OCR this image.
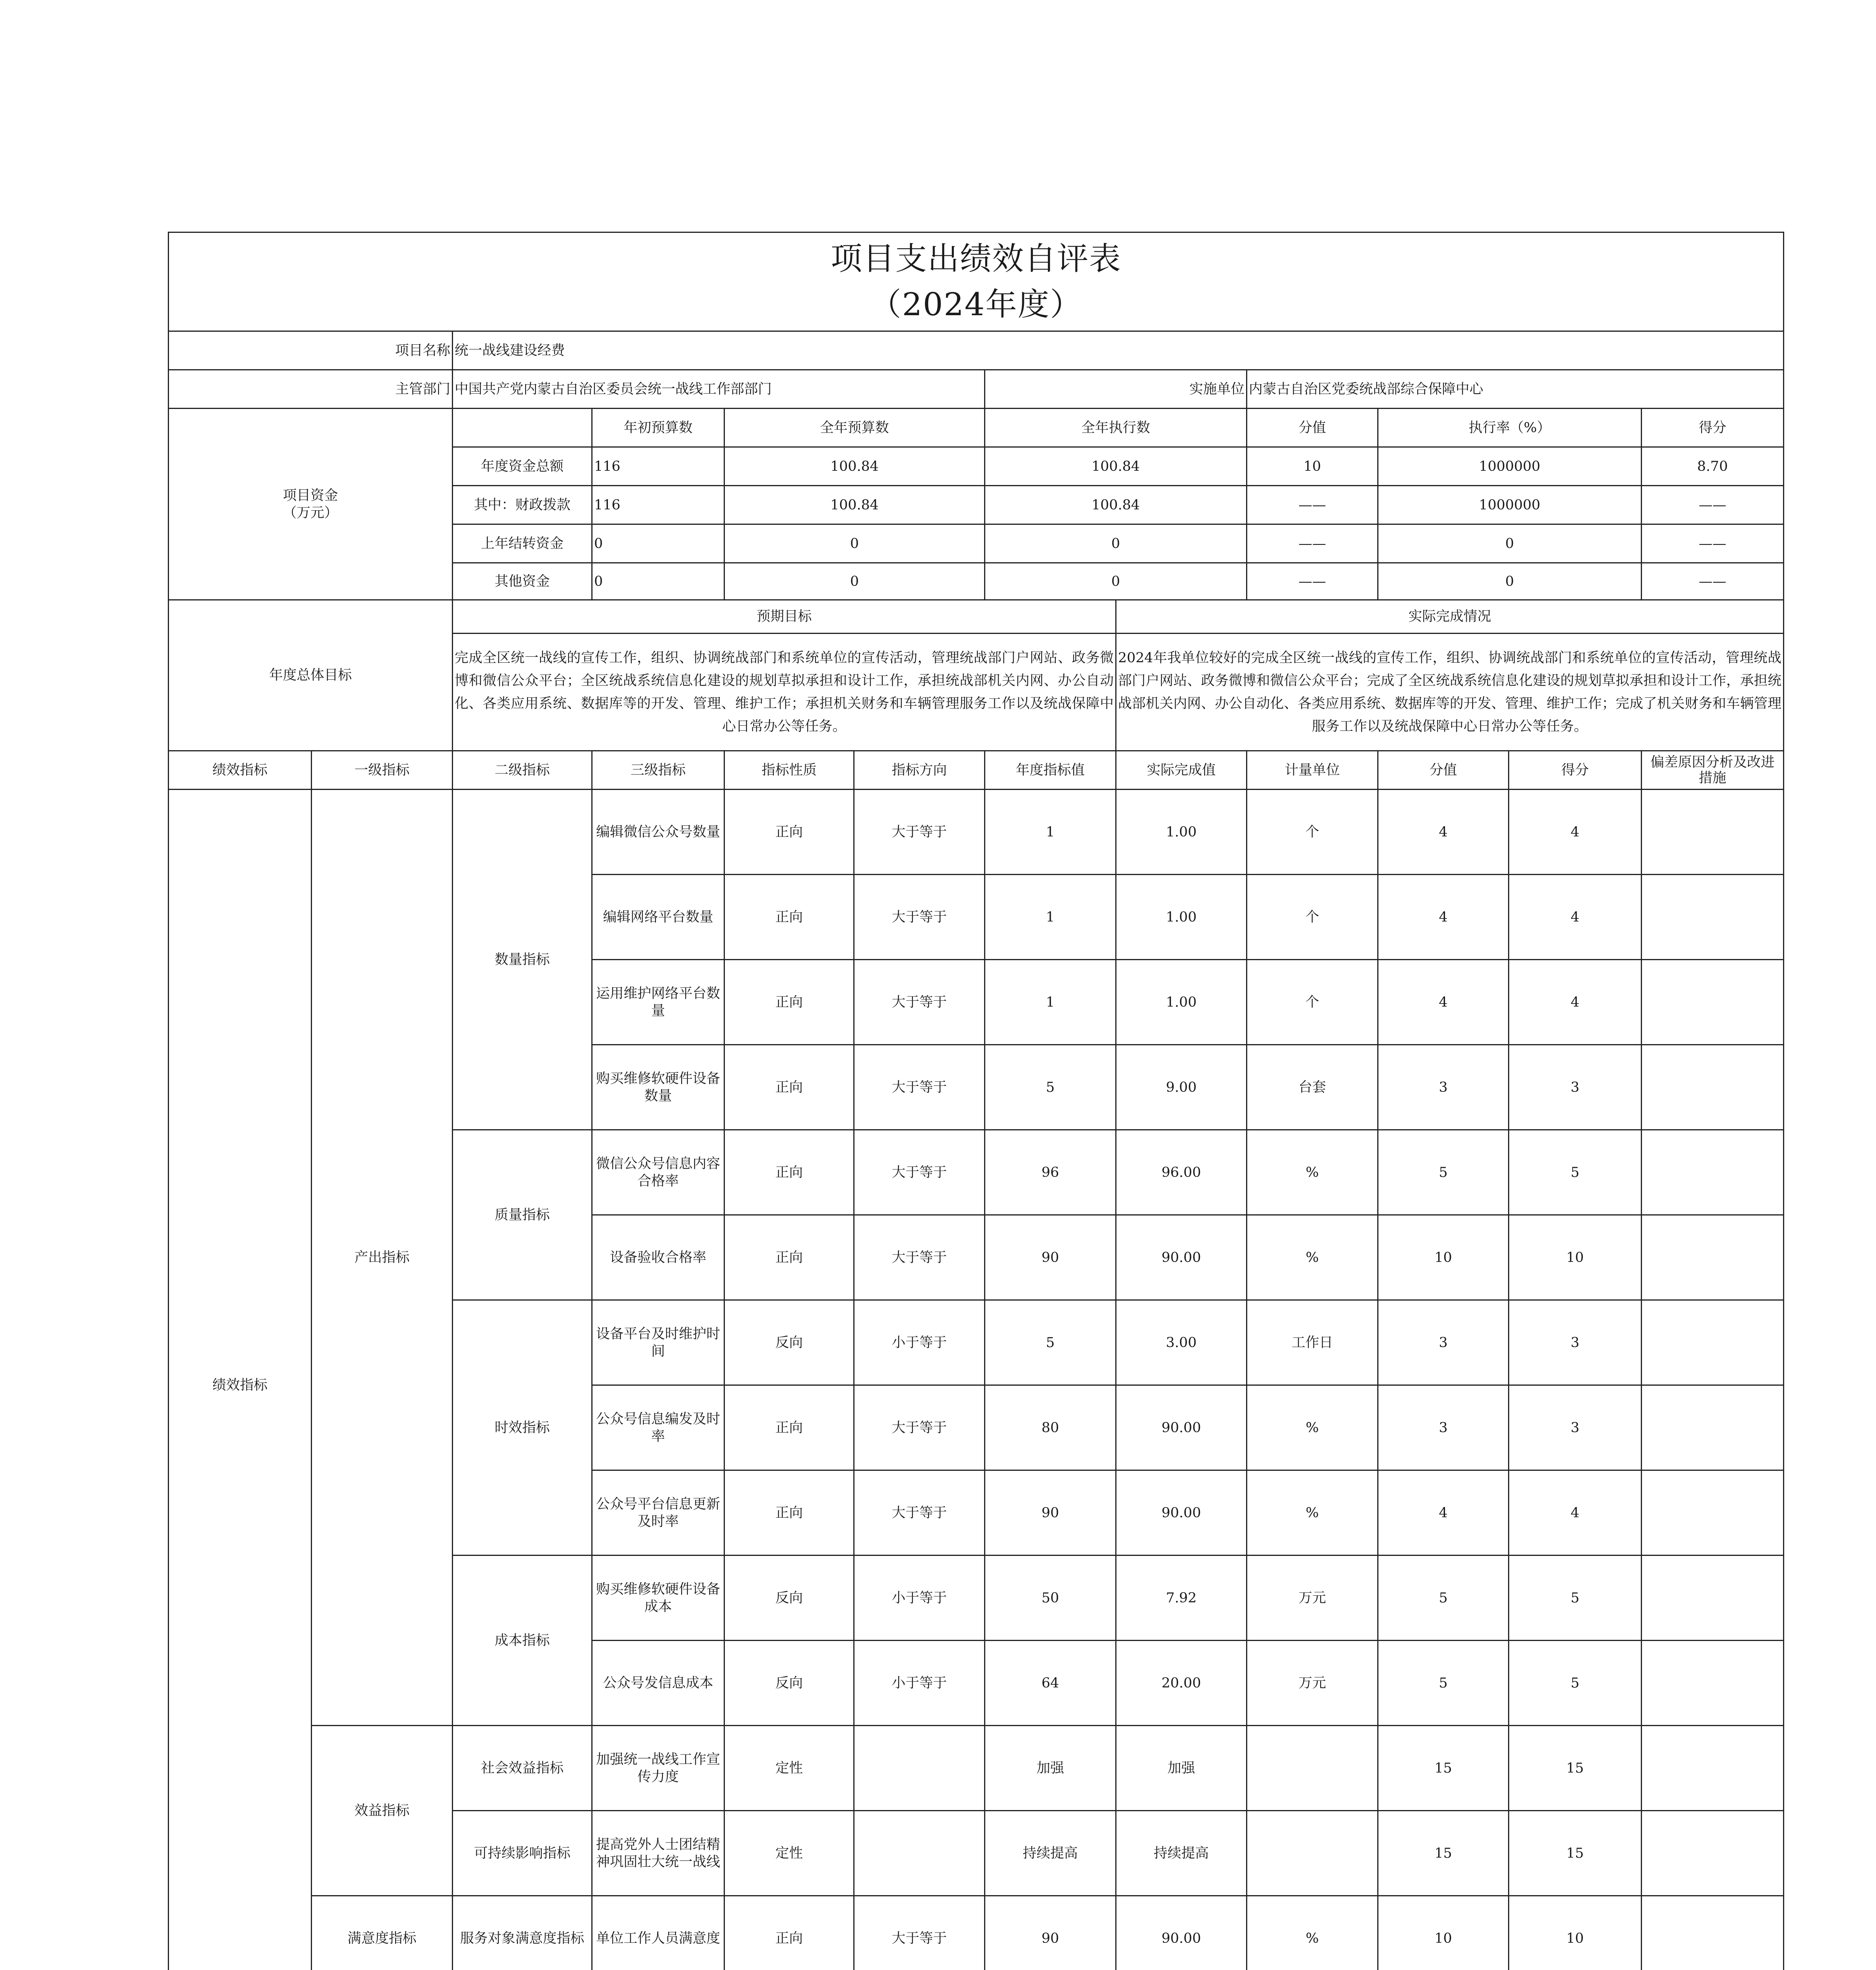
项目支出绩效自评表
（2024年度）											

项目名称		统一战线建设经费									
主管部门		中国共产党内蒙古自治区委员会统一战线工作部部门				实施单位		内蒙古自治区党委统战部综合保障中心			

项目资金
（万元）			年初预算数	全年预算数		全年执行数		分值	执行率（%）		得分
		年度资金总额	116	100.84		100.84		10	1000000		8.70
		其中：财政拨款	116	100.84		100.84		——	1000000		——
		上年结转资金	0	0		0		——	0		——
		其他资金	0	0		0		——	0		——
年度总体目标		预期目标					实际完成情况				
		完成全区统一战线的宣传工作，组织、协调统战部门和系统单位的宣传活动，管理统战部门户网站、政务微博和微信公众平台；全区统战系统信息化建设的规划草拟承担和设计工作，承担统战部机关内网、办公自动化、各类应用系统、数据库等的开发、管理、维护工作；承担机关财务和车辆管理服务工作以及统战保障中心日常办公等任务。					2024年我单位较好的完成全区统一战线的宣传工作，组织、协调统战部门和系统单位的宣传活动，管理统战部门户网站、政务微博和微信公众平台；完成了全区统战系统信息化建设的规划草拟承担和设计工作，承担统战部机关内网、办公自动化、各类应用系统、数据库等的开发、管理、维护工作；完成了机关财务和车辆管理服务工作以及统战保障中心日常办公等任务。				
绩效指标	一级指标	二级指标	三级指标	指标性质	指标方向	年度指标值	实际完成值	计量单位	分值	得分	偏差原因分析及改进措施
绩效指标	产出指标	数量指标	编辑微信公众号数量	正向	大于等于	1	1.00	个	4	4	
			编辑网络平台数量	正向	大于等于	1	1.00	个	4	4	
			运用维护网络平台数量	正向	大于等于	1	1.00	个	4	4	
			购买维修软硬件设备数量	正向	大于等于	5	9.00	台套	3	3	
		质量指标	微信公众号信息内容合格率	正向	大于等于	96	96.00	%	5	5	
			设备验收合格率	正向	大于等于	90	90.00	%	10	10	
		时效指标	设备平台及时维护时间	反向	小于等于	5	3.00	工作日	3	3	
			公众号信息编发及时率	正向	大于等于	80	90.00	%	3	3	
			公众号平台信息更新及时率	正向	大于等于	90	90.00	%	4	4	
		成本指标	购买维修软硬件设备成本	反向	小于等于	50	7.92	万元	5	5	
			公众号发信息成本	反向	小于等于	64	20.00	万元	5	5	
	效益指标	社会效益指标	加强统一战线工作宣传力度	定性		加强	加强		15	15	
		可持续影响指标	提高党外人士团结精神巩固壮大统一战线	定性		持续提高	持续提高		15	15	
	满意度指标	服务对象满意度指标	单位工作人员满意度	正向	大于等于	90	90.00	%	10	10	
